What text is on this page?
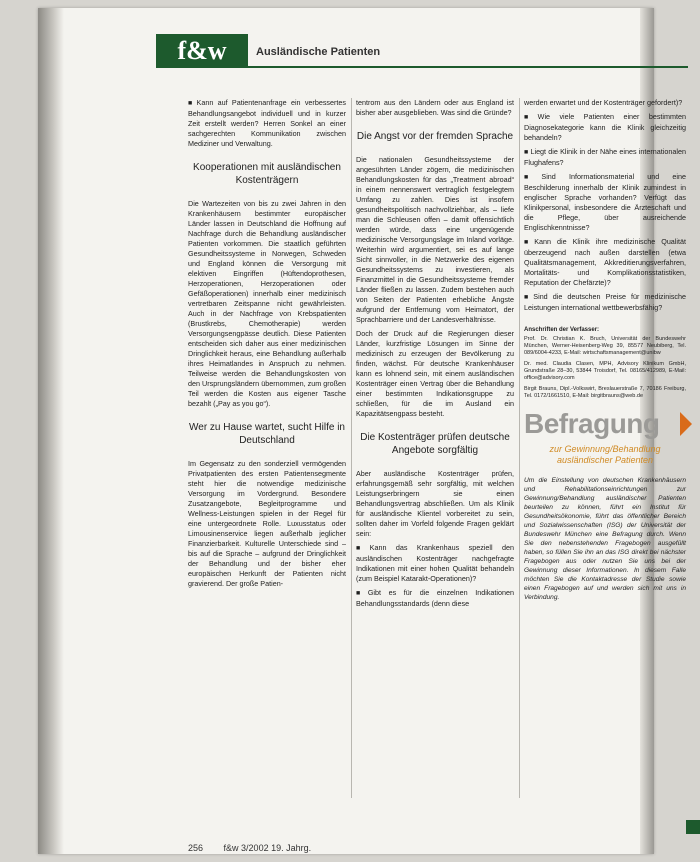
f&w	Ausländische Patienten

■ Kann auf Patientenanfrage ein verbessertes Behandlungsangebot individuell und in kurzer Zeit erstellt werden? Herren Sonkel an einer sachgerechten Kommunikation zwischen Mediziner und Verwaltung.

Kooperationen mit ausländischen Kostenträgern

Die Wartezeiten von bis zu zwei Jahren in den Krankenhäusern bestimmter europäischer Länder lassen in Deutschland die Hoffnung auf Nachfrage durch die Behandlung ausländischer Patienten vorkommen. Die staatlich geführten Gesundheitssysteme in Norwegen, Schweden und England können die Versorgung mit elektiven Eingriffen (Hüftendoprothesen, Herzoperationen, Herzoperationen oder Gefäßoperationen) innerhalb einer medizinisch vertretbaren Zeitspanne nicht gewährleisten. Auch in der Nachfrage von Krebspatienten (Brustkrebs, Chemotherapie) werden Versorgungsengpässe deutlich. Diese Patienten entscheiden sich daher aus einer medizinischen Dringlichkeit heraus, eine Behandlung außerhalb ihres Heimatlandes in Anspruch zu nehmen. Teilweise werden die Behandlungskosten von den Ursprungsländern übernommen, zum großen Teil werden die Kosten aus eigener Tasche bezahlt („Pay as you go“).

Wer zu Hause wartet, sucht Hilfe in Deutschland

Im Gegensatz zu den sonderziell vermögenden Privatpatienten des ersten Patientensegmente steht hier die notwendige medizinische Versorgung im Vordergrund. Besondere Zusatzangebote, Begleitprogramme und Wellness-Leistungen spielen in der Regel für eine untergeordnete Rolle. Luxusstatus oder Limousinenservice liegen außerhalb jeglicher Finanzierbarkeit. Kulturelle Unterschiede sind – bis auf die Sprache – aufgrund der Dringlichkeit der Behandlung und der bisher eher europäischen Herkunft der Patienten nicht gravierend. Der große Patien-

tentrom aus den Ländern oder aus England ist bisher aber ausgeblieben. Was sind die Gründe?

Die Angst vor der fremden Sprache

Die nationalen Gesundheitssysteme der angesührten Länder zögern, die medizinischen Behandlungskosten für das „Treatment abroad“ in einem nennenswert vertraglich festgelegtem Umfang zu zahlen. Dies ist insofern gesundheitspolitisch nachvollziehbar, als – liefe man die Schleusen offen – damit offensichtlich werden würde, dass eine ungenügende medizinische Versorgungslage im Inland vorläge. Weiterhin wird argumentiert, sei es auf lange Sicht sinnvoller, in die Netzwerke des eigenen Gesundheitssystems zu investieren, als Finanzmittel in die Gesundheitssysteme fremder Länder fließen zu lassen. Zudem bestehen auch von Seiten der Patienten erhebliche Ängste aufgrund der Entfernung vom Heimatort, der Sprachbarriere und der Landesverhältnisse.

Doch der Druck auf die Regierungen dieser Länder, kurzfristige Lösungen im Sinne der medizinisch zu erzeugen der Bevölkerung zu finden, wächst. Für deutsche Krankenhäuser kann es lohnend sein, mit einem ausländischen Kostenträger einen Vertrag über die Behandlung einer bestimmten Indikationsgruppe zu schließen, für die im Ausland ein Kapazitätsengpass besteht.

Die Kostenträger prüfen deutsche Angebote sorgfältig

Aber ausländische Kostenträger prüfen, erfahrungsgemäß sehr sorgfältig, mit welchen Leistungserbringern sie einen Behandlungsvertrag abschließen. Um als Klinik für ausländische Klientel vorbereitet zu sein, sollten daher im Vorfeld folgende Fragen geklärt sein:

■ Kann das Krankenhaus speziell den ausländischen Kostenträger nachgefragte Indikationen mit einer hohen Qualität behandeln (zum Beispiel Katarakt-Operationen)?

■ Gibt es für die einzelnen Indikationen Behandlungsstandards (denn diese

werden erwartet und der Kostenträger gefordert)?

■ Wie viele Patienten einer bestimmten Diagnosekategorie kann die Klinik gleichzeitig behandeln?

■ Liegt die Klinik in der Nähe eines internationalen Flughafens?

■ Sind Informationsmaterial und eine Beschilderung innerhalb der Klinik zumindest in englischer Sprache vorhanden? Verfügt das Klinikpersonal, insbesondere die Ärzteschaft und die Pflege, über ausreichende Englischkenntnisse?

■ Kann die Klinik ihre medizinische Qualität überzeugend nach außen darstellen (etwa Qualitätsmanagement, Akkreditierungsverfahren, Mortalitäts- und Komplikationsstatistiken, Reputation der Chefärzte)?

■ Sind die deutschen Preise für medizinische Leistungen international wettbewerbsfähig?

Anschriften der Verfasser:

Prof. Dr. Christian K. Bruch, Universität der Bundeswehr München, Werner-Heisenberg-Weg 39, 85577 Neubiberg, Tel. 089/6004-4233, E-Mail: wirtschaftsmanagement@unibw

Dr. med. Claudia Clasen, MPH, Advisory Klinikum GmbH, Grundstraße 28–30, 53844 Troisdorf, Tel. 08165/412989, E-Mail: office@advisory.com

Birgit Brauns, Dipl.-Volkswirt, Breslauerstraße 7, 70186 Freiburg, Tel. 0172/1661510, E-Mail: birgitbrauns@web.de

Befragung
zur Gewinnung/Behandlung ausländischer Patienten

Um die Einstellung von deutschen Krankenhäusern und Rehabilitationseinrichtungen zur Gewinnung/Behandlung ausländischer Patienten beurteilen zu können, führt ein Institut für Gesundheitsökonomie, führt das öffentlicher Bereich und Sozialwissenschaften (ISG) der Universität der Bundeswehr München eine Befragung durch. Wenn Sie den nebenstehenden Fragebogen ausgefüllt haben, so füllen Sie ihn an das ISG direkt bei nächster Fragebogen aus oder nutzen Sie uns bei der Gewinnung dieser Informationen. In diesem Falle möchten Sie die Kontaktadresse der Studie sowie einen Fragebogen auf und werden sich mit uns in Verbindung.

256 f&w 3/2002 19. Jahrg.
